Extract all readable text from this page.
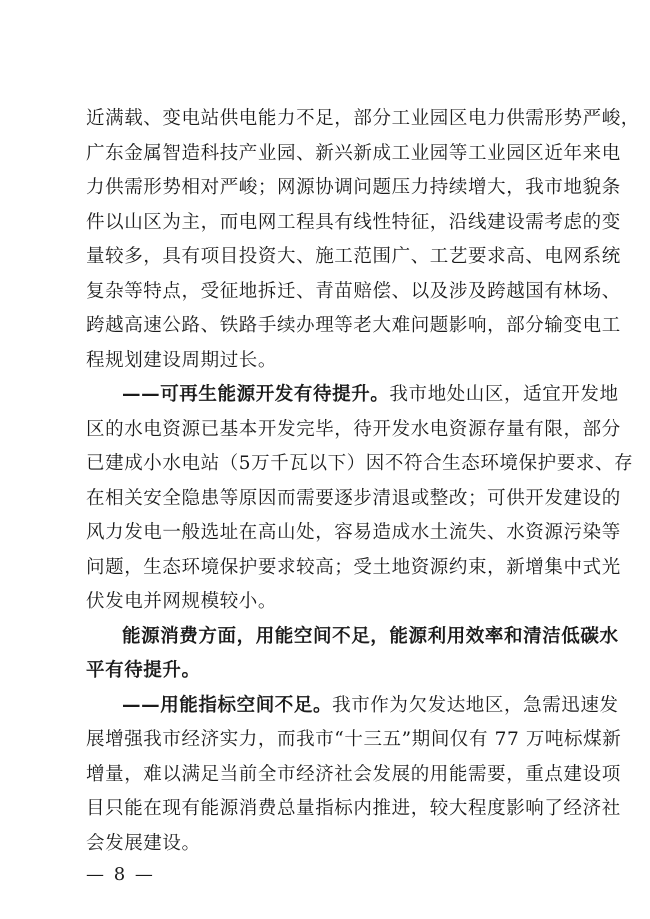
近满载、变电站供电能力不足，部分工业园区电力供需形势严峻，
广东金属智造科技产业园、新兴新成工业园等工业园区近年来电
力供需形势相对严峻；网源协调问题压力持续增大，我市地貌条
件以山区为主，而电网工程具有线性特征，沿线建设需考虑的变
量较多，具有项目投资大、施工范围广、工艺要求高、电网系统
复杂等特点，受征地拆迁、青苗赔偿、以及涉及跨越国有林场、
跨越高速公路、铁路手续办理等老大难问题影响，部分输变电工
程规划建设周期过长。
——可再生能源开发有待提升。我市地处山区，适宜开发地
区的水电资源已基本开发完毕，待开发水电资源存量有限，部分
已建成小水电站（5万千瓦以下）因不符合生态环境保护要求、存
在相关安全隐患等原因而需要逐步清退或整改；可供开发建设的
风力发电一般选址在高山处，容易造成水土流失、水资源污染等
问题，生态环境保护要求较高；受土地资源约束，新增集中式光
伏发电并网规模较小。
能源消费方面，用能空间不足，能源利用效率和清洁低碳水
平有待提升。
——用能指标空间不足。我市作为欠发达地区，急需迅速发
展增强我市经济实力，而我市“十三五”期间仅有 77 万吨标煤新
增量，难以满足当前全市经济社会发展的用能需要，重点建设项
目只能在现有能源消费总量指标内推进，较大程度影响了经济社
会发展建设。
— 8 —
